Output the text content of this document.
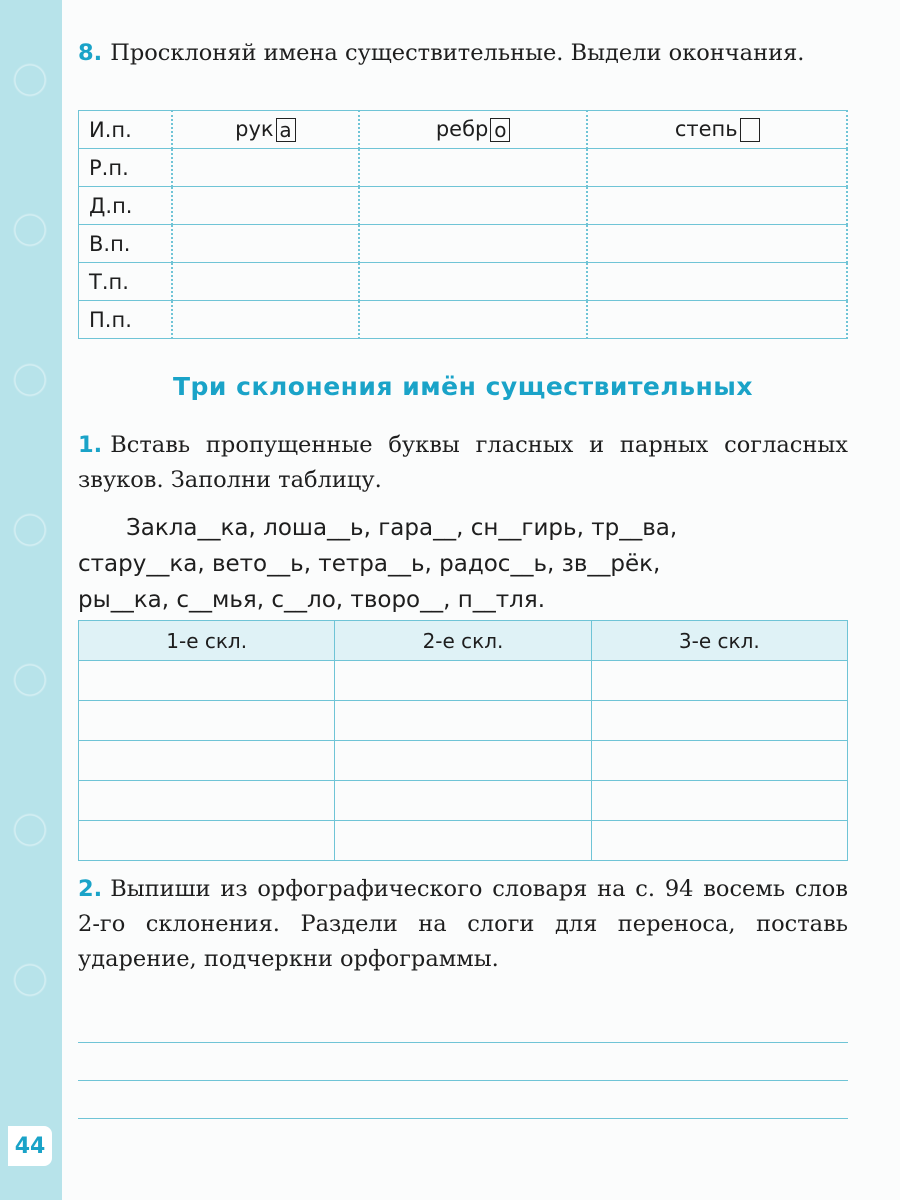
44

8. Просклоняй имена существительные. Выдели окончания.

И.п.	рук а	ребр о	степь
Р.п.			
Д.п.			
В.п.			
Т.п.			
П.п.			
Три склонения имён существительных

1. Вставь пропущенные буквы гласных и парных согласных звуков. Заполни таблицу.

Закла__ка, лоша__ь, гара__, сн__гирь, тр__ва,

стару__ка, вето__ь, тетра__ь, радос__ь, зв__рёк,

ры__ка, с__мья, с__ло, творо__, п__тля.

1-е скл.	2-е скл.	3-е скл.

2. Выпиши из орфографического словаря на с. 94 восемь слов 2-го склонения. Раздели на слоги для переноса, поставь ударение, подчеркни орфограммы.
